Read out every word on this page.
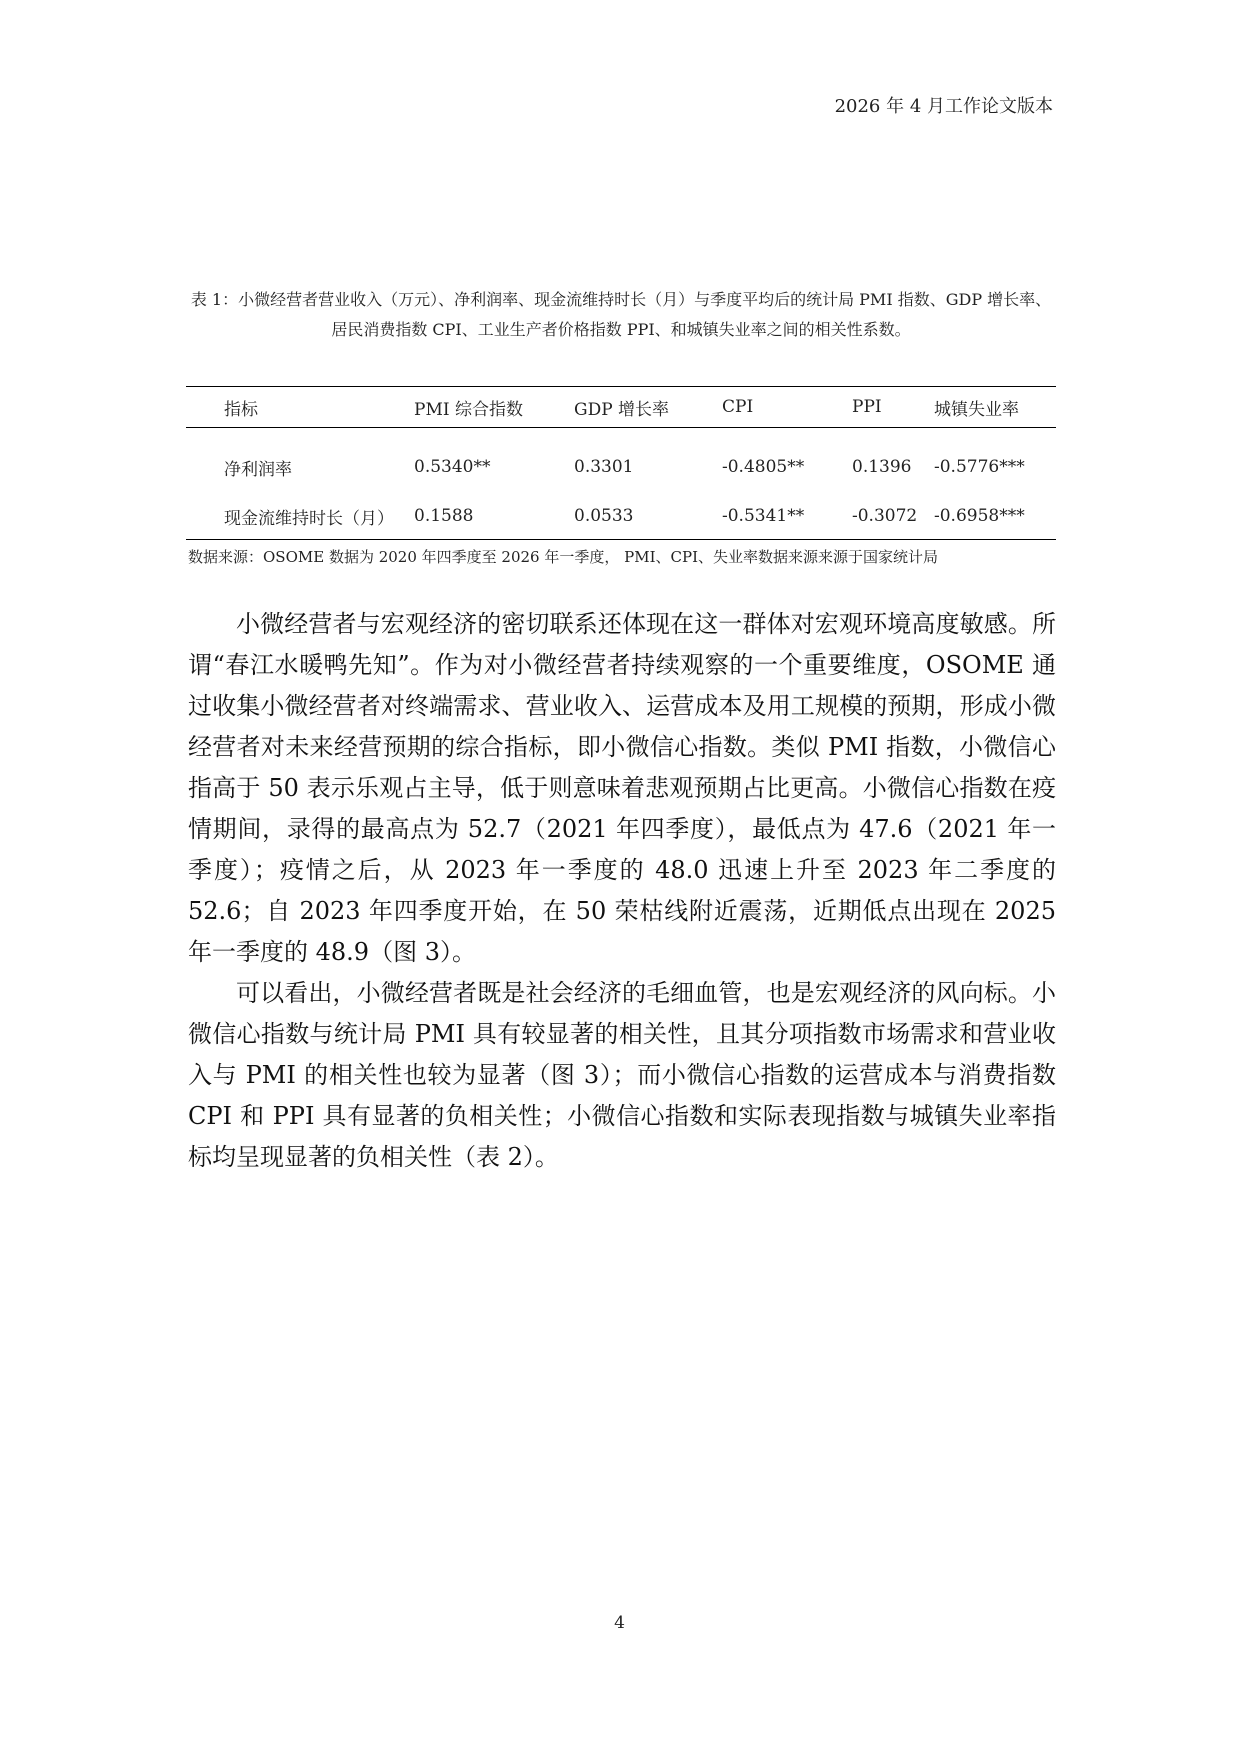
2026 年 4 月工作论文版本
表 1：小微经营者营业收入（万元）、净利润率、现金流维持时长（月）与季度平均后的统计局 PMI 指数、GDP 增长率、居民消费指数 CPI、工业生产者价格指数 PPI、和城镇失业率之间的相关性系数。
指标	PMI 综合指数	GDP 增长率	CPI	PPI	城镇失业率
净利润率	0.5340**	0.3301	-0.4805**	0.1396	-0.5776***
现金流维持时长（月）	0.1588	0.0533	-0.5341**	-0.3072	-0.6958***
数据来源：OSOME 数据为 2020 年四季度至 2026 年一季度， PMI、CPI、失业率数据来源来源于国家统计局

小微经营者与宏观经济的密切联系还体现在这一群体对宏观环境高度敏感。所谓“春江水暖鸭先知”。作为对小微经营者持续观察的一个重要维度，OSOME 通过收集小微经营者对终端需求、营业收入、运营成本及用工规模的预期，形成小微经营者对未来经营预期的综合指标，即小微信心指数。类似 PMI 指数，小微信心指高于 50 表示乐观占主导，低于则意味着悲观预期占比更高。小微信心指数在疫情期间，录得的最高点为 52.7（2021 年四季度），最低点为 47.6（2021 年一季度）；疫情之后，从 2023 年一季度的 48.0 迅速上升至 2023 年二季度的 52.6；自 2023 年四季度开始，在 50 荣枯线附近震荡，近期低点出现在 2025 年一季度的 48.9（图 3）。

可以看出，小微经营者既是社会经济的毛细血管，也是宏观经济的风向标。小微信心指数与统计局 PMI 具有较显著的相关性，且其分项指数市场需求和营业收入与 PMI 的相关性也较为显著（图 3）；而小微信心指数的运营成本与消费指数 CPI 和 PPI 具有显著的负相关性；小微信心指数和实际表现指数与城镇失业率指标均呈现显著的负相关性（表 2）。

4
